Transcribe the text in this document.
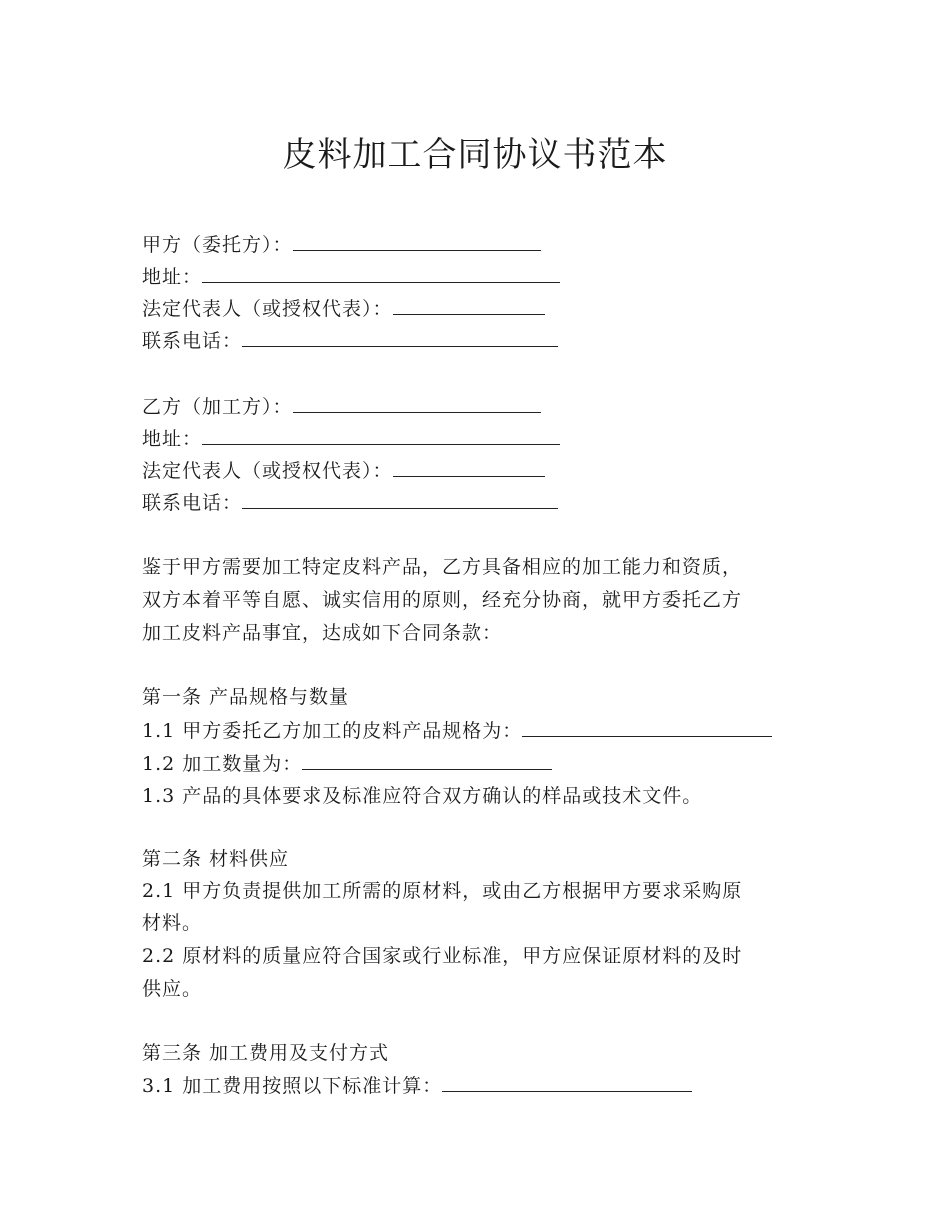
皮料加工合同协议书范本
甲方（委托方）：
地址：
法定代表人（或授权代表）：
联系电话：
乙方（加工方）：
地址：
法定代表人（或授权代表）：
联系电话：
鉴于甲方需要加工特定皮料产品，乙方具备相应的加工能力和资质，
双方本着平等自愿、诚实信用的原则，经充分协商，就甲方委托乙方
加工皮料产品事宜，达成如下合同条款：
第一条 产品规格与数量
1.1 甲方委托乙方加工的皮料产品规格为：
1.2 加工数量为：
1.3 产品的具体要求及标准应符合双方确认的样品或技术文件。
第二条 材料供应
2.1 甲方负责提供加工所需的原材料，或由乙方根据甲方要求采购原
材料。
2.2 原材料的质量应符合国家或行业标准，甲方应保证原材料的及时
供应。
第三条 加工费用及支付方式
3.1 加工费用按照以下标准计算：
